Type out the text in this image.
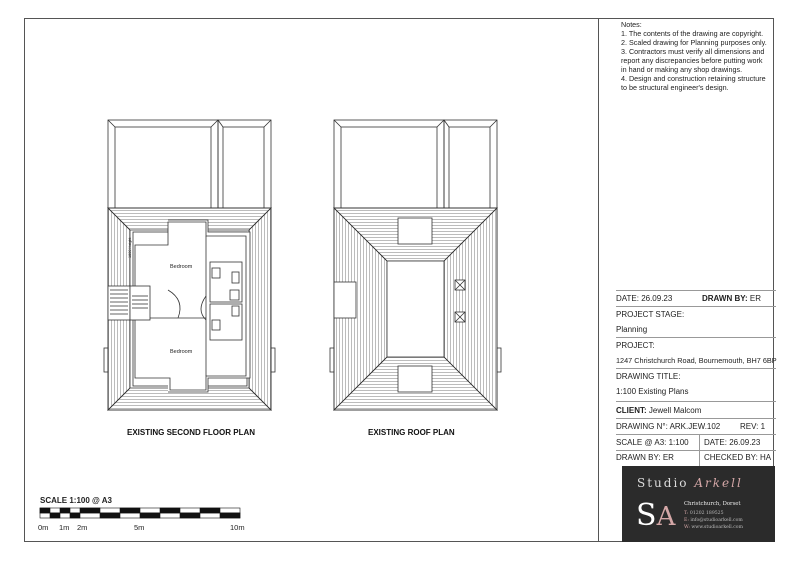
Bedroom
Bedroom
1800 Height
EXISTING SECOND FLOOR PLAN	EXISTING ROOF PLAN
SCALE 1:100 @ A3
0m 1m 2m	5m	10m
Notes:
1. The contents of the drawing are copyright.
2. Scaled drawing for Planning purposes only.
3. Contractors must verify all dimensions and
report any discrepancies before putting work
in hand or making any shop drawings.
4. Design and construction retaining structure
to be structural engineer's design.
DATE: 26.09.23	DRAWN BY: ER
PROJECT STAGE:
Planning
PROJECT:
1247 Christchurch Road, Bournemouth, BH7 6BP
DRAWING TITLE:
1:100 Existing Plans
CLIENT: Jewell Malcom
DRAWING N°: ARK.JEW.102	REV: 1
SCALE @ A3: 1:100	DATE: 26.09.23
DRAWN BY: ER	CHECKED BY: HA
Studio Arkell
SA Christchurch, Dorset
T: 01202 189525
E: info@studioarkell.com
W: www.studioarkell.com
